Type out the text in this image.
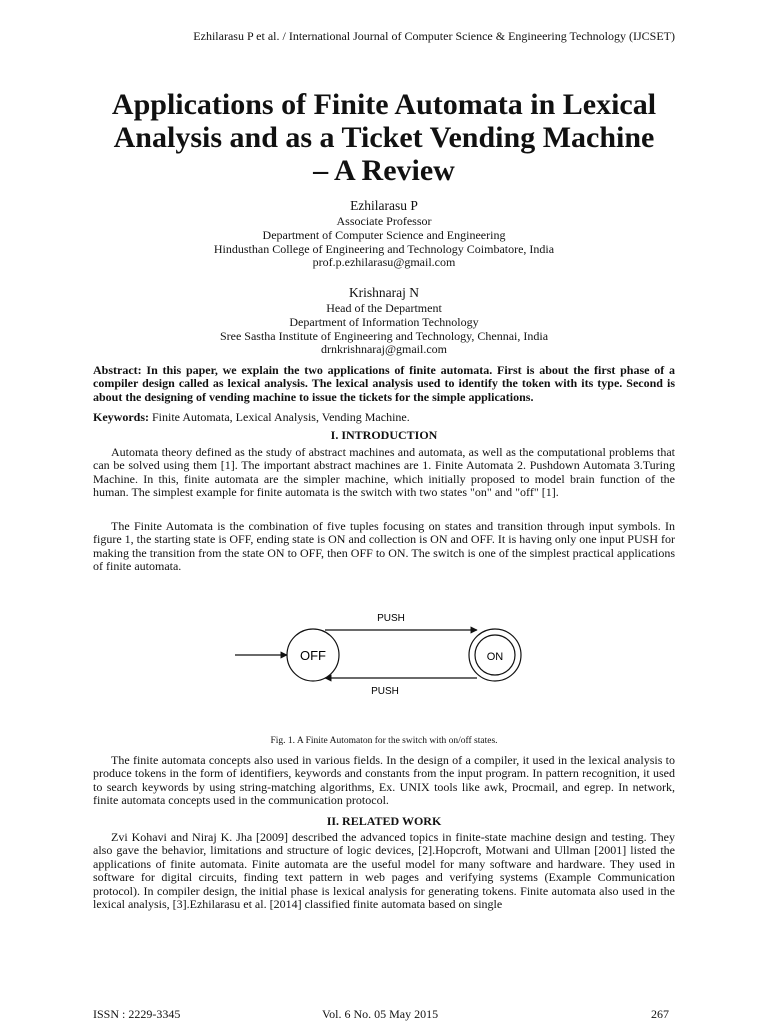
Ezhilarasu P et al. / International Journal of Computer Science & Engineering Technology (IJCSET)
Applications of Finite Automata in Lexical
Analysis and as a Ticket Vending Machine
– A Review
Ezhilarasu P
Associate Professor
Department of Computer Science and Engineering
Hindusthan College of Engineering and Technology Coimbatore, India
prof.p.ezhilarasu@gmail.com
Krishnaraj N
Head of the Department
Department of Information Technology
Sree Sastha Institute of Engineering and Technology, Chennai, India
drnkrishnaraj@gmail.com
Abstract: In this paper, we explain the two applications of finite automata. First is about the first phase of a compiler design called as lexical analysis. The lexical analysis used to identify the token with its type. Second is about the designing of vending machine to issue the tickets for the simple applications.
Keywords: Finite Automata, Lexical Analysis, Vending Machine.
I. INTRODUCTION
Automata theory defined as the study of abstract machines and automata, as well as the computational problems that can be solved using them [1]. The important abstract machines are 1. Finite Automata 2. Pushdown Automata 3.Turing Machine. In this, finite automata are the simpler machine, which initially proposed to model brain function of the human. The simplest example for finite automata is the switch with two states "on" and "off" [1].
The Finite Automata is the combination of five tuples focusing on states and transition through input symbols. In figure 1, the starting state is OFF, ending state is ON and collection is ON and OFF. It is having only one input PUSH for making the transition from the state ON to OFF, then OFF to ON. The switch is one of the simplest practical applications of finite automata.
OFF	ON
PUSH
PUSH
Fig. 1. A Finite Automaton for the switch with on/off states.
The finite automata concepts also used in various fields. In the design of a compiler, it used in the lexical analysis to produce tokens in the form of identifiers, keywords and constants from the input program. In pattern recognition, it used to search keywords by using string-matching algorithms, Ex. UNIX tools like awk, Procmail, and egrep. In network, finite automata concepts used in the communication protocol.
II. RELATED WORK
Zvi Kohavi and Niraj K. Jha [2009] described the advanced topics in finite-state machine design and testing. They also gave the behavior, limitations and structure of logic devices, [2].Hopcroft, Motwani and Ullman [2001] listed the applications of finite automata. Finite automata are the useful model for many software and hardware. They used in software for digital circuits, finding text pattern in web pages and verifying systems (Example Communication protocol). In compiler design, the initial phase is lexical analysis for generating tokens. Finite automata also used in the lexical analysis, [3].Ezhilarasu et al. [2014] classified finite automata based on single
ISSN : 2229-3345	Vol. 6 No. 05 May 2015	267
